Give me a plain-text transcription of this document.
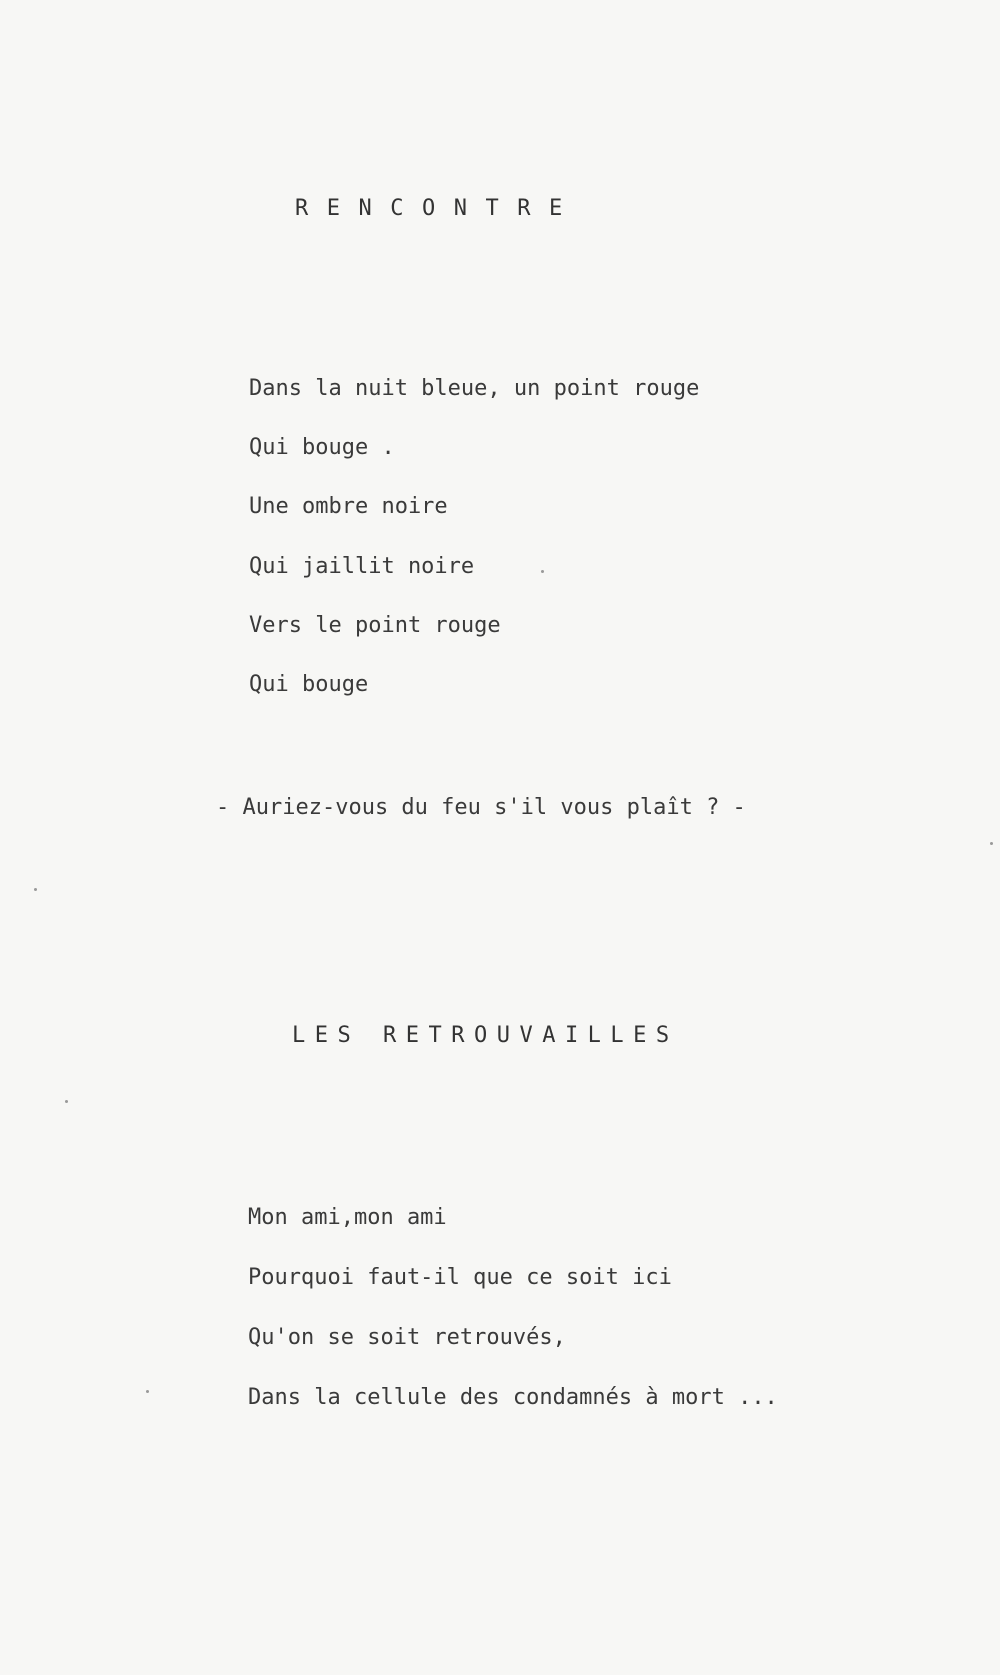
RENCONTRE

Dans la nuit bleue, un point rouge

Qui bouge .

Une ombre noire

Qui jaillit noire

Vers le point rouge

Qui bouge

- Auriez-vous du feu s'il vous plaît ? -

LES RETROUVAILLES

Mon ami,mon ami

Pourquoi faut-il que ce soit ici

Qu'on se soit retrouvés,

Dans la cellule des condamnés à mort ...
